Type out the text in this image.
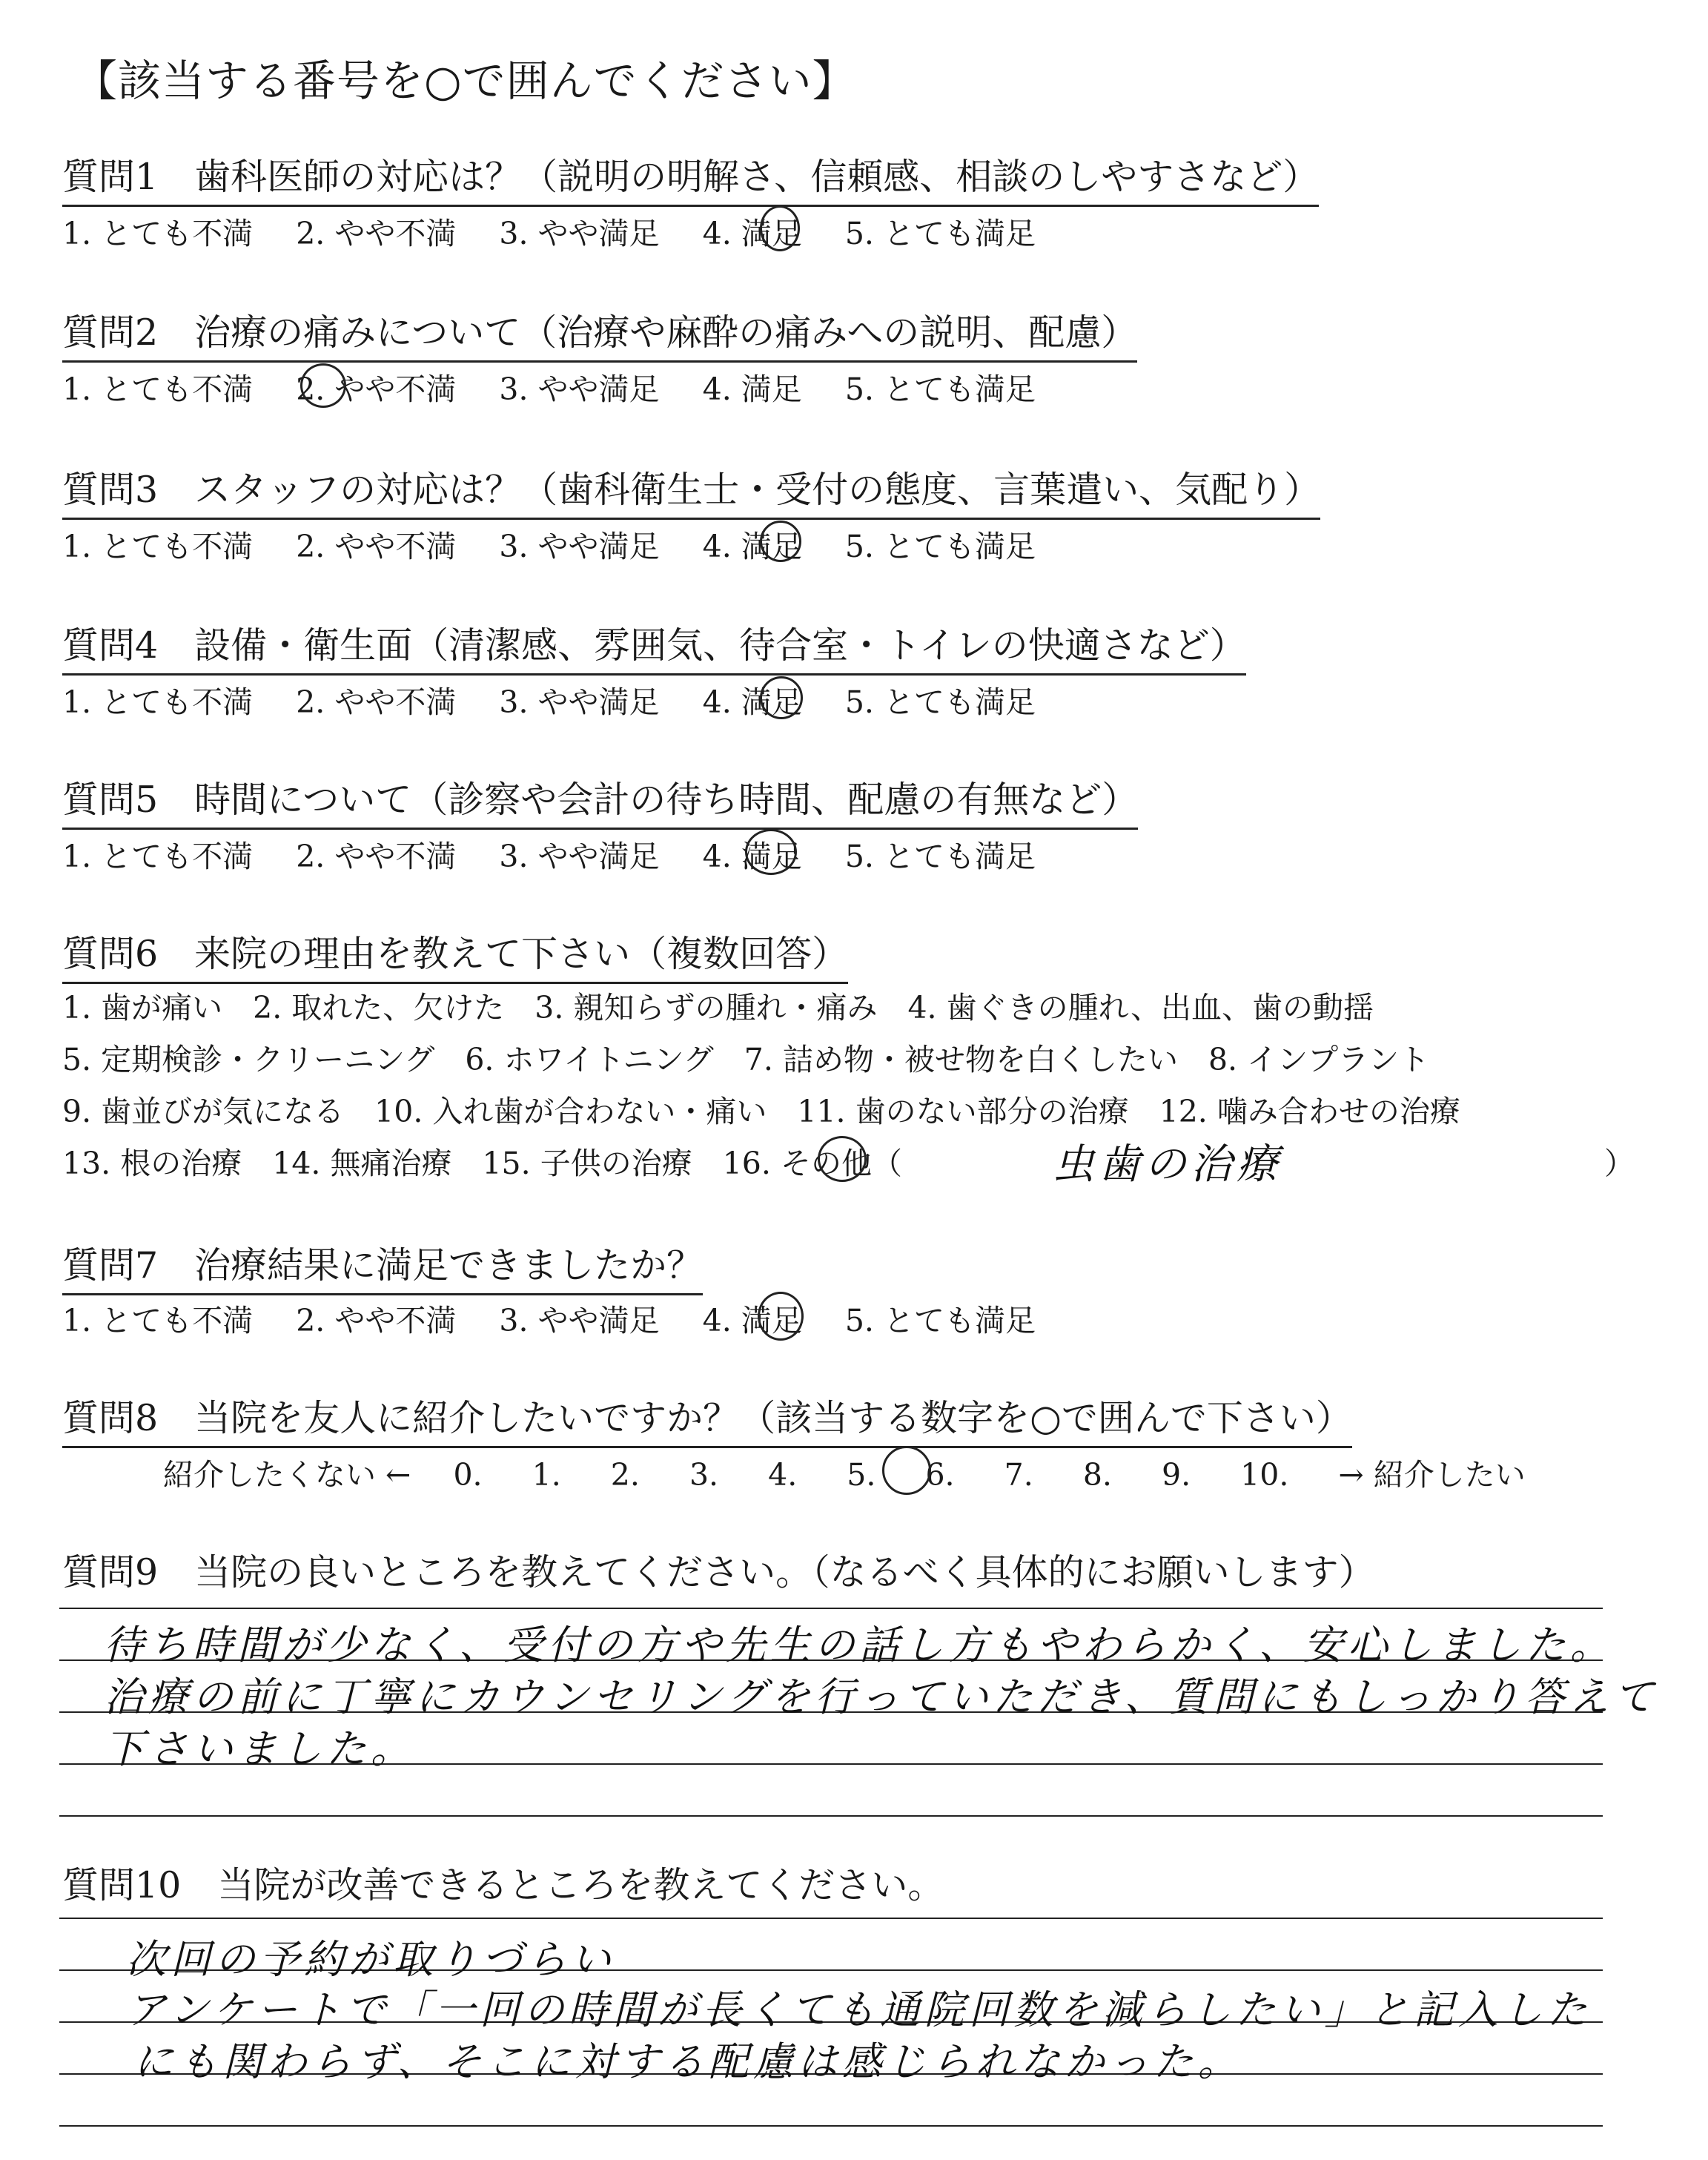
【該当する番号を○で囲んでください】
質問1　歯科医師の対応は？（説明の明解さ、信頼感、相談のしやすさなど）
1. とても不満　 2. やや不満　 3. やや満足　 4. 満足　 5. とても満足
質問2　治療の痛みについて（治療や麻酔の痛みへの説明、配慮）
1. とても不満　 2. やや不満　 3. やや満足　 4. 満足　 5. とても満足
質問3　スタッフの対応は？（歯科衛生士・受付の態度、言葉遣い、気配り）
1. とても不満　 2. やや不満　 3. やや満足　 4. 満足　 5. とても満足
質問4　設備・衛生面（清潔感、雰囲気、待合室・トイレの快適さなど）
1. とても不満　 2. やや不満　 3. やや満足　 4. 満足　 5. とても満足
質問5　時間について（診察や会計の待ち時間、配慮の有無など）
1. とても不満　 2. やや不満　 3. やや満足　 4. 満足　 5. とても満足
質問6　来院の理由を教えて下さい（複数回答）
1. 歯が痛い　2. 取れた、欠けた　3. 親知らずの腫れ・痛み　4. 歯ぐきの腫れ、出血、歯の動揺
5. 定期検診・クリーニング　6. ホワイトニング　7. 詰め物・被せ物を白くしたい　8. インプラント
9. 歯並びが気になる　10. 入れ歯が合わない・痛い　11. 歯のない部分の治療　12. 噛み合わせの治療
13. 根の治療　14. 無痛治療　15. 子供の治療　16. その他（	虫歯の治療	）
質問7　治療結果に満足できましたか？
1. とても不満　 2. やや不満　 3. やや満足　 4. 満足　 5. とても満足
質問8　当院を友人に紹介したいですか？（該当する数字を○で囲んで下さい）
紹介したくない ← 0. 1. 2. 3. 4. 5. 6. 7. 8. 9. 10. → 紹介したい
質問9　当院の良いところを教えてください。（なるべく具体的にお願いします）
待ち時間が少なく、受付の方や先生の話し方もやわらかく、安心しました。
治療の前に丁寧にカウンセリングを行っていただき、質問にもしっかり答えて
下さいました。
質問10　当院が改善できるところを教えてください。
次回の予約が取りづらい
アンケートで「一回の時間が長くても通院回数を減らしたい」と記入した
にも関わらず、そこに対する配慮は感じられなかった。
